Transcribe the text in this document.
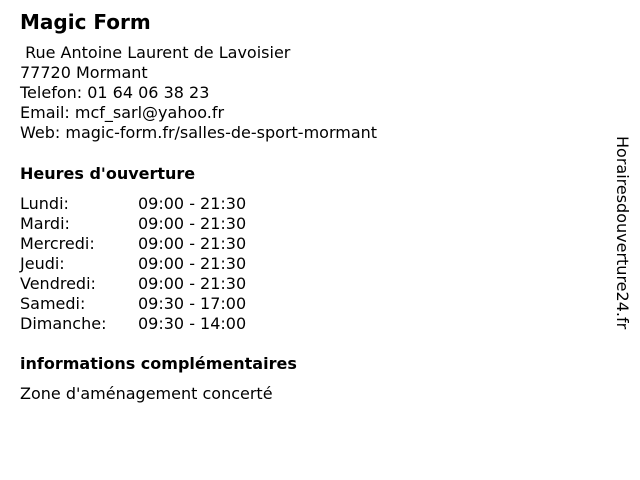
Magic Form
Rue Antoine Laurent de Lavoisier
77720 Mormant
Telefon: 01 64 06 38 23
Email: mcf_sarl@yahoo.fr
Web: magic-form.fr/salles-de-sport-mormant
Heures d'ouverture
Lundi:	09:00 - 21:30
Mardi:	09:00 - 21:30
Mercredi:	09:00 - 21:30
Jeudi:	09:00 - 21:30
Vendredi:	09:00 - 21:30
Samedi:	09:30 - 17:00
Dimanche: 09:30 - 14:00
informations complémentaires
Zone d'aménagement concerté
Horairesdouverture24.fr
